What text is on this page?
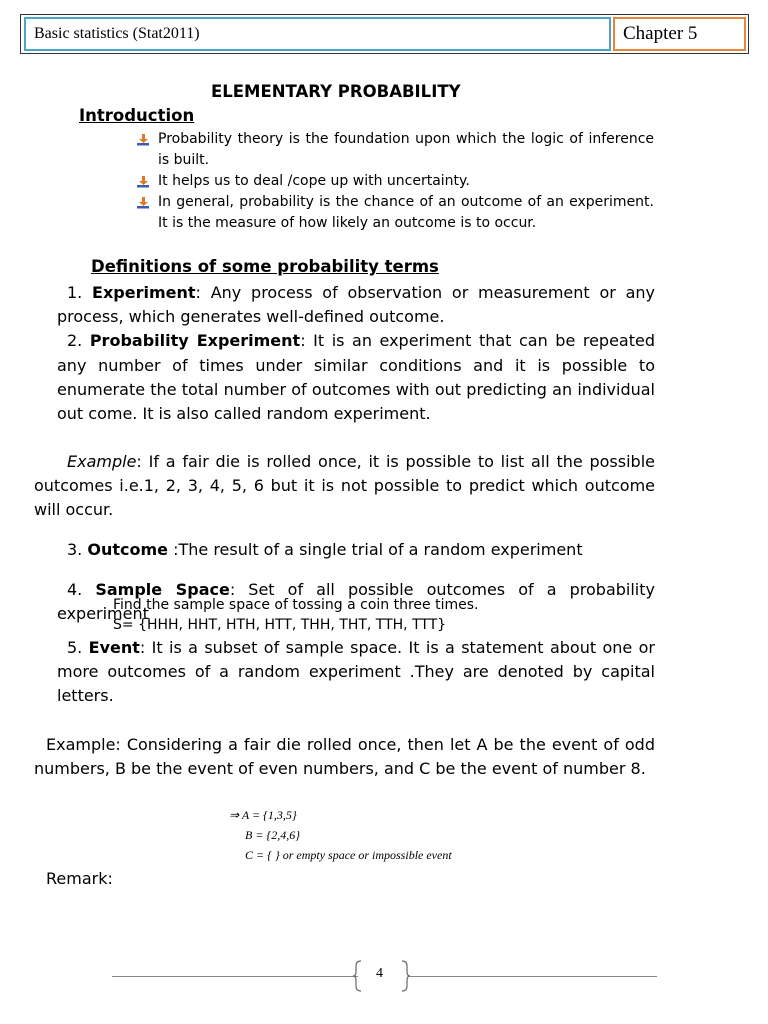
Basic statistics (Stat2011)	Chapter 5
ELEMENTARY PROBABILITY
Introduction
Probability theory is the foundation upon which the logic of inference is built.
It helps us to deal /cope up with uncertainty.
In general, probability is the chance of an outcome of an experiment. It is the measure of how likely an outcome is to occur.
Definitions of some probability terms

1. Experiment: Any process of observation or measurement or any process, which generates well-defined outcome.

2. Probability Experiment: It is an experiment that can be repeated any number of times under similar conditions and it is possible to enumerate the total number of outcomes with out predicting an individual out come. It is also called random experiment.

Example: If a fair die is rolled once, it is possible to list all the possible outcomes i.e.1, 2, 3, 4, 5, 6 but it is not possible to predict which outcome will occur.

3. Outcome :The result of a single trial of a random experiment

4. Sample Space: Set of all possible outcomes of a probability experiment

Find the sample space of tossing a coin three times.
S= {HHH, HHT, HTH, HTT, THH, THT, TTH, TTT}

5. Event: It is a subset of sample space. It is a statement about one or more outcomes of a random experiment .They are denoted by capital letters.

Example: Considering a fair die rolled once, then let A be the event of odd numbers, B be the event of even numbers, and C be the event of number 8.

⇒ A = {1,3,5}
B = {2,4,6}
C = { } or empty space or impossible event
Remark:
4
